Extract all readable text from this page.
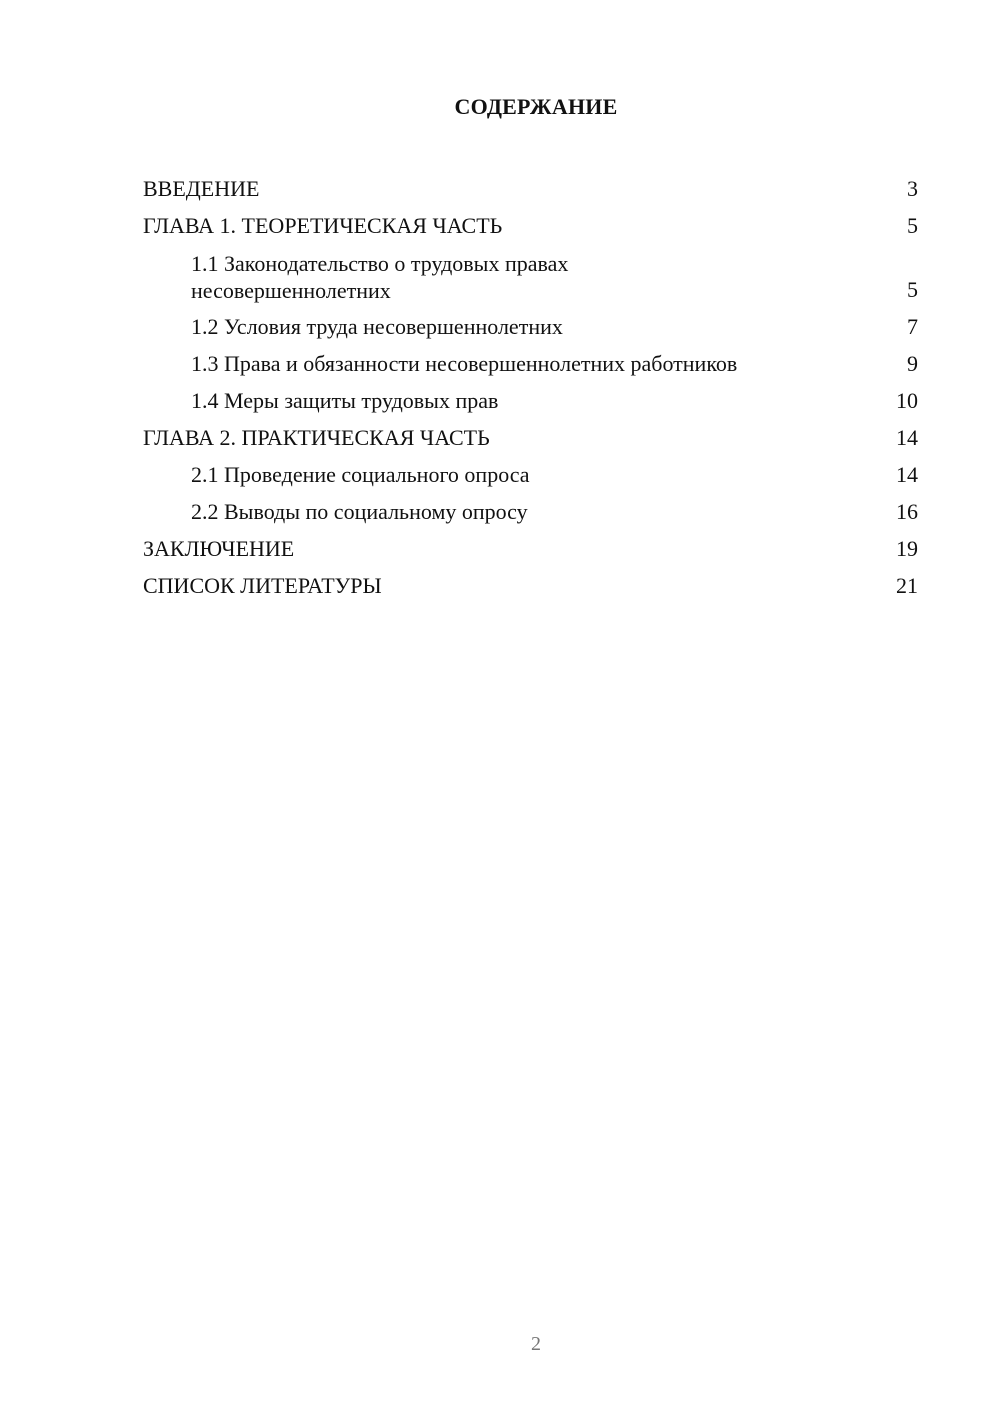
СОДЕРЖАНИЕ
ВВЕДЕНИЕ	3
ГЛАВА 1. ТЕОРЕТИЧЕСКАЯ ЧАСТЬ	5
1.1 Законодательство о трудовых правах несовершеннолетних	5
1.2 Условия труда несовершеннолетних	7
1.3 Права и обязанности несовершеннолетних работников	9
1.4 Меры защиты трудовых прав	10
ГЛАВА 2. ПРАКТИЧЕСКАЯ ЧАСТЬ	14
2.1 Проведение социального опроса	14
2.2 Выводы по социальному опросу	16
ЗАКЛЮЧЕНИЕ	19
СПИСОК ЛИТЕРАТУРЫ	21
2
